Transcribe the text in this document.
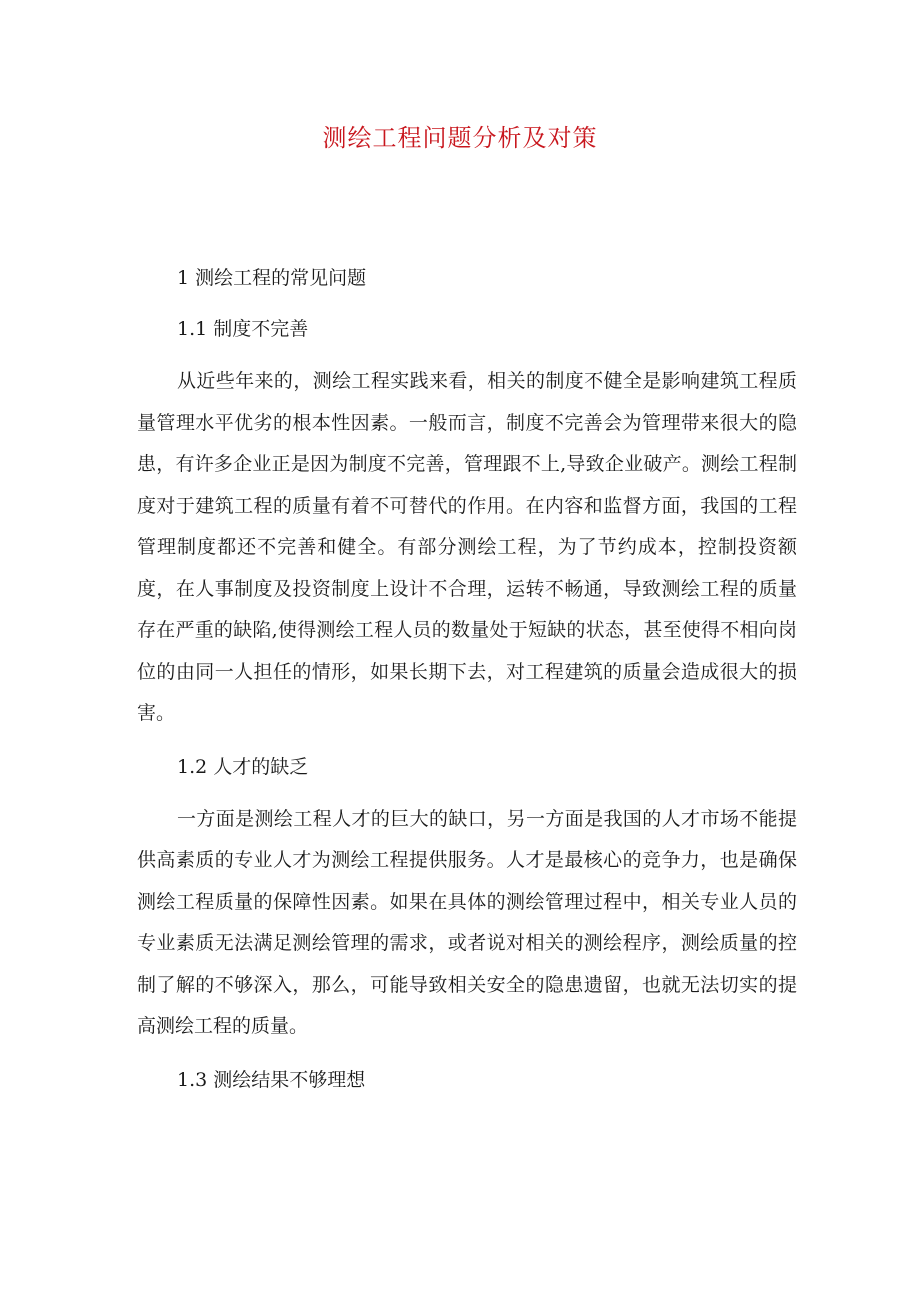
测绘工程问题分析及对策

1 测绘工程的常见问题

1.1 制度不完善

从近些年来的，测绘工程实践来看，相关的制度不健全是影响建筑工程质量管理水平优劣的根本性因素。一般而言，制度不完善会为管理带来很大的隐患，有许多企业正是因为制度不完善，管理跟不上,导致企业破产。测绘工程制度对于建筑工程的质量有着不可替代的作用。在内容和监督方面，我国的工程管理制度都还不完善和健全。有部分测绘工程，为了节约成本，控制投资额度，在人事制度及投资制度上设计不合理，运转不畅通，导致测绘工程的质量存在严重的缺陷,使得测绘工程人员的数量处于短缺的状态，甚至使得不相向岗位的由同一人担任的情形，如果长期下去，对工程建筑的质量会造成很大的损害。

1.2 人才的缺乏

一方面是测绘工程人才的巨大的缺口，另一方面是我国的人才市场不能提供高素质的专业人才为测绘工程提供服务。人才是最核心的竞争力，也是确保测绘工程质量的保障性因素。如果在具体的测绘管理过程中，相关专业人员的专业素质无法满足测绘管理的需求，或者说对相关的测绘程序，测绘质量的控制了解的不够深入，那么，可能导致相关安全的隐患遗留，也就无法切实的提高测绘工程的质量。

1.3 测绘结果不够理想
